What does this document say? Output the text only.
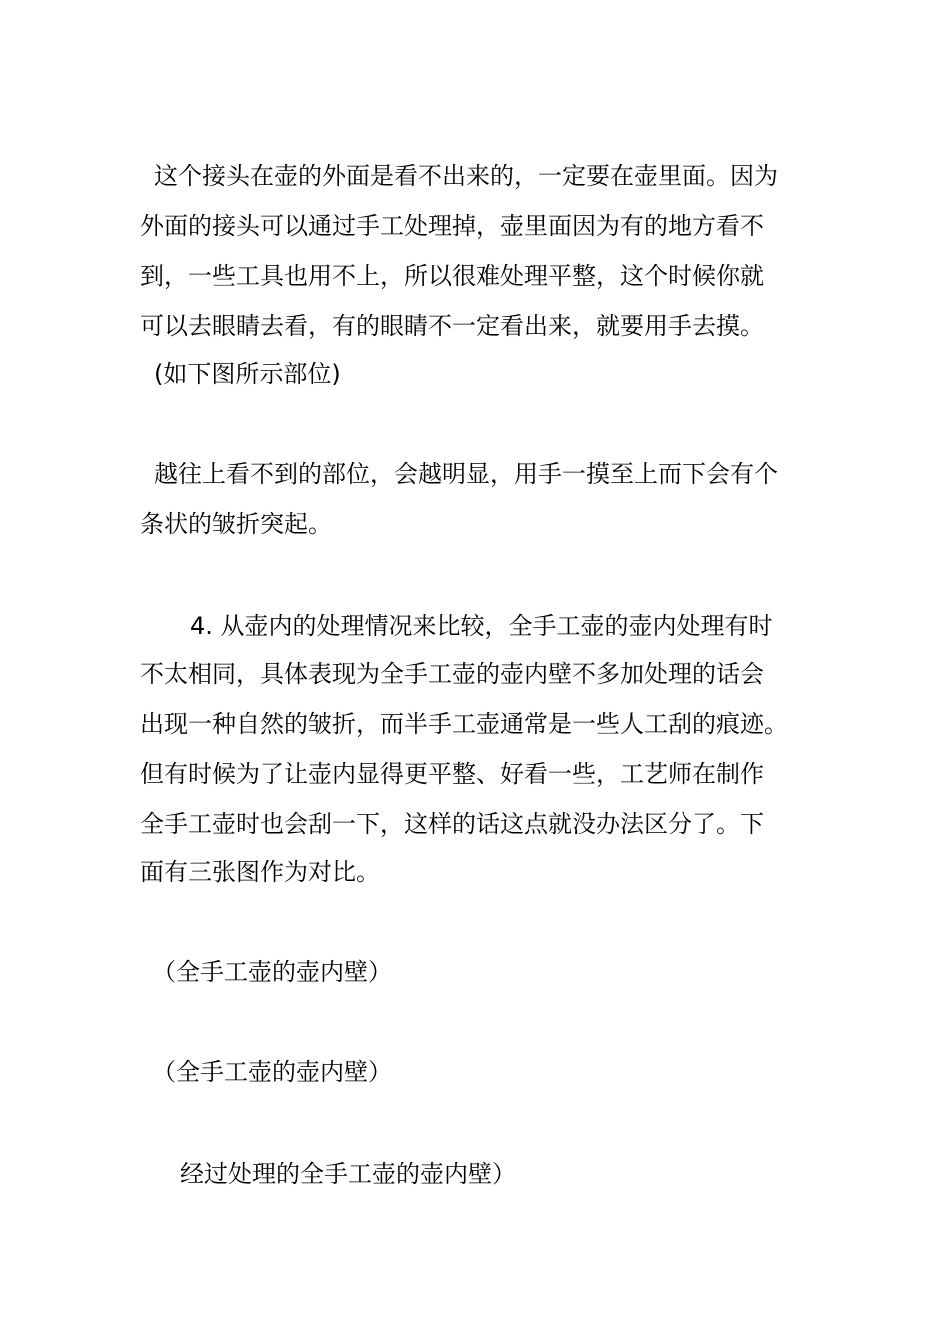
这个接头在壶的外面是看不出来的，一定要在壶里面。因为
外面的接头可以通过手工处理掉，壶里面因为有的地方看不
到，一些工具也用不上，所以很难处理平整，这个时候你就
可以去眼睛去看，有的眼睛不一定看出来，就要用手去摸。
(如下图所示部位)
越往上看不到的部位，会越明显，用手一摸至上而下会有个
条状的皱折突起。
4. 从壶内的处理情况来比较，全手工壶的壶内处理有时
不太相同，具体表现为全手工壶的壶内壁不多加处理的话会
出现一种自然的皱折，而半手工壶通常是一些人工刮的痕迹。
但有时候为了让壶内显得更平整、好看一些，工艺师在制作
全手工壶时也会刮一下，这样的话这点就没办法区分了。下
面有三张图作为对比。
（全手工壶的壶内壁）
（全手工壶的壶内壁）
经过处理的全手工壶的壶内壁）
